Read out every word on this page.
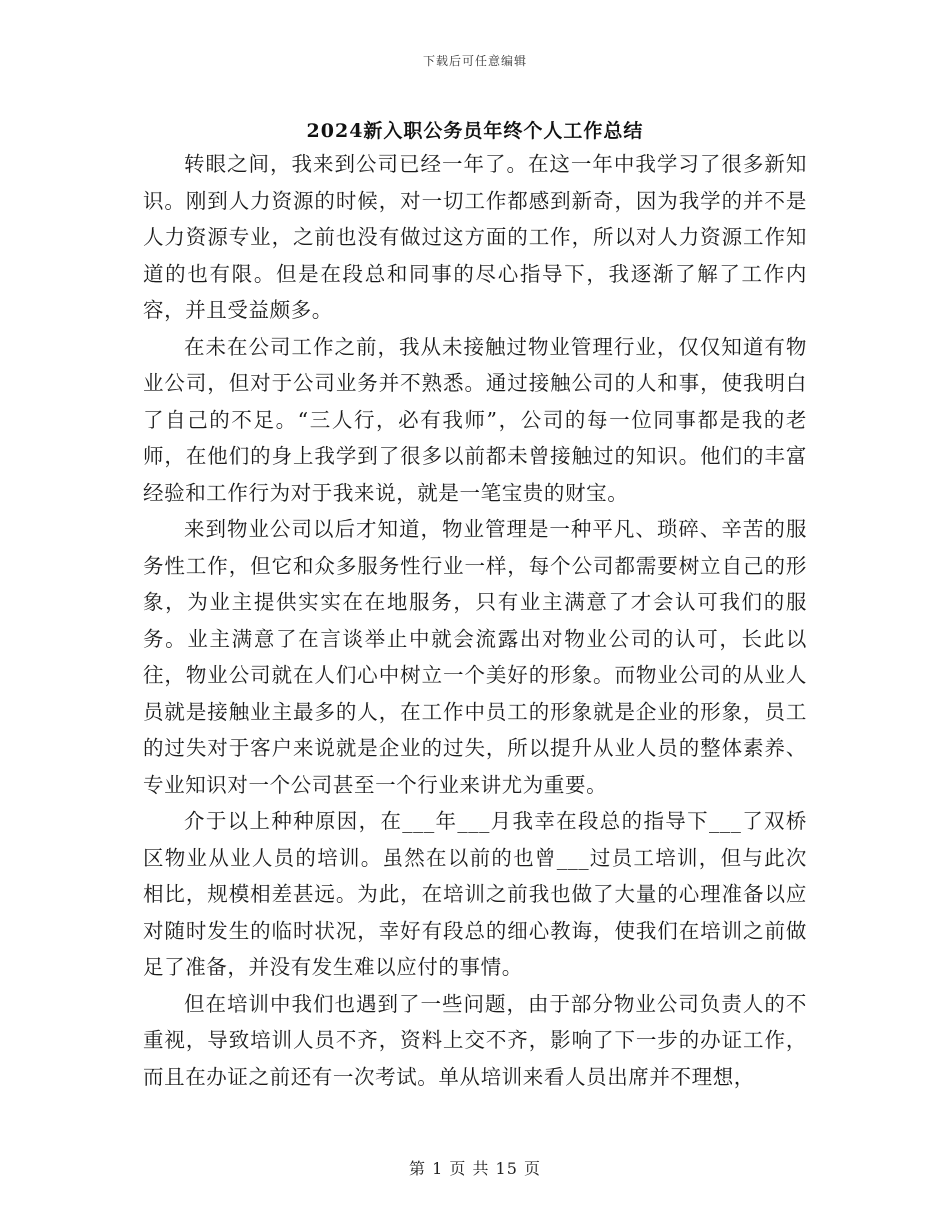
下载后可任意编辑
2024新入职公务员年终个人工作总结

转眼之间，我来到公司已经一年了。在这一年中我学习了很多新知识。刚到人力资源的时候，对一切工作都感到新奇，因为我学的并不是人力资源专业，之前也没有做过这方面的工作，所以对人力资源工作知道的也有限。但是在段总和同事的尽心指导下，我逐渐了解了工作内容，并且受益颇多。

在未在公司工作之前，我从未接触过物业管理行业，仅仅知道有物业公司，但对于公司业务并不熟悉。通过接触公司的人和事，使我明白了自己的不足。“三人行，必有我师”，公司的每一位同事都是我的老师，在他们的身上我学到了很多以前都未曾接触过的知识。他们的丰富经验和工作行为对于我来说，就是一笔宝贵的财宝。

来到物业公司以后才知道，物业管理是一种平凡、琐碎、辛苦的服务性工作，但它和众多服务性行业一样，每个公司都需要树立自己的形象，为业主提供实实在在地服务，只有业主满意了才会认可我们的服务。业主满意了在言谈举止中就会流露出对物业公司的认可，长此以往，物业公司就在人们心中树立一个美好的形象。而物业公司的从业人员就是接触业主最多的人，在工作中员工的形象就是企业的形象，员工的过失对于客户来说就是企业的过失，所以提升从业人员的整体素养、专业知识对一个公司甚至一个行业来讲尤为重要。

介于以上种种原因，在___年___月我幸在段总的指导下___了双桥区物业从业人员的培训。虽然在以前的也曾___过员工培训，但与此次相比，规模相差甚远。为此，在培训之前我也做了大量的心理准备以应对随时发生的临时状况，幸好有段总的细心教诲，使我们在培训之前做足了准备，并没有发生难以应付的事情。

但在培训中我们也遇到了一些问题，由于部分物业公司负责人的不重视，导致培训人员不齐，资料上交不齐，影响了下一步的办证工作，而且在办证之前还有一次考试。单从培训来看人员出席并不理想，

第 1 页 共 15 页
